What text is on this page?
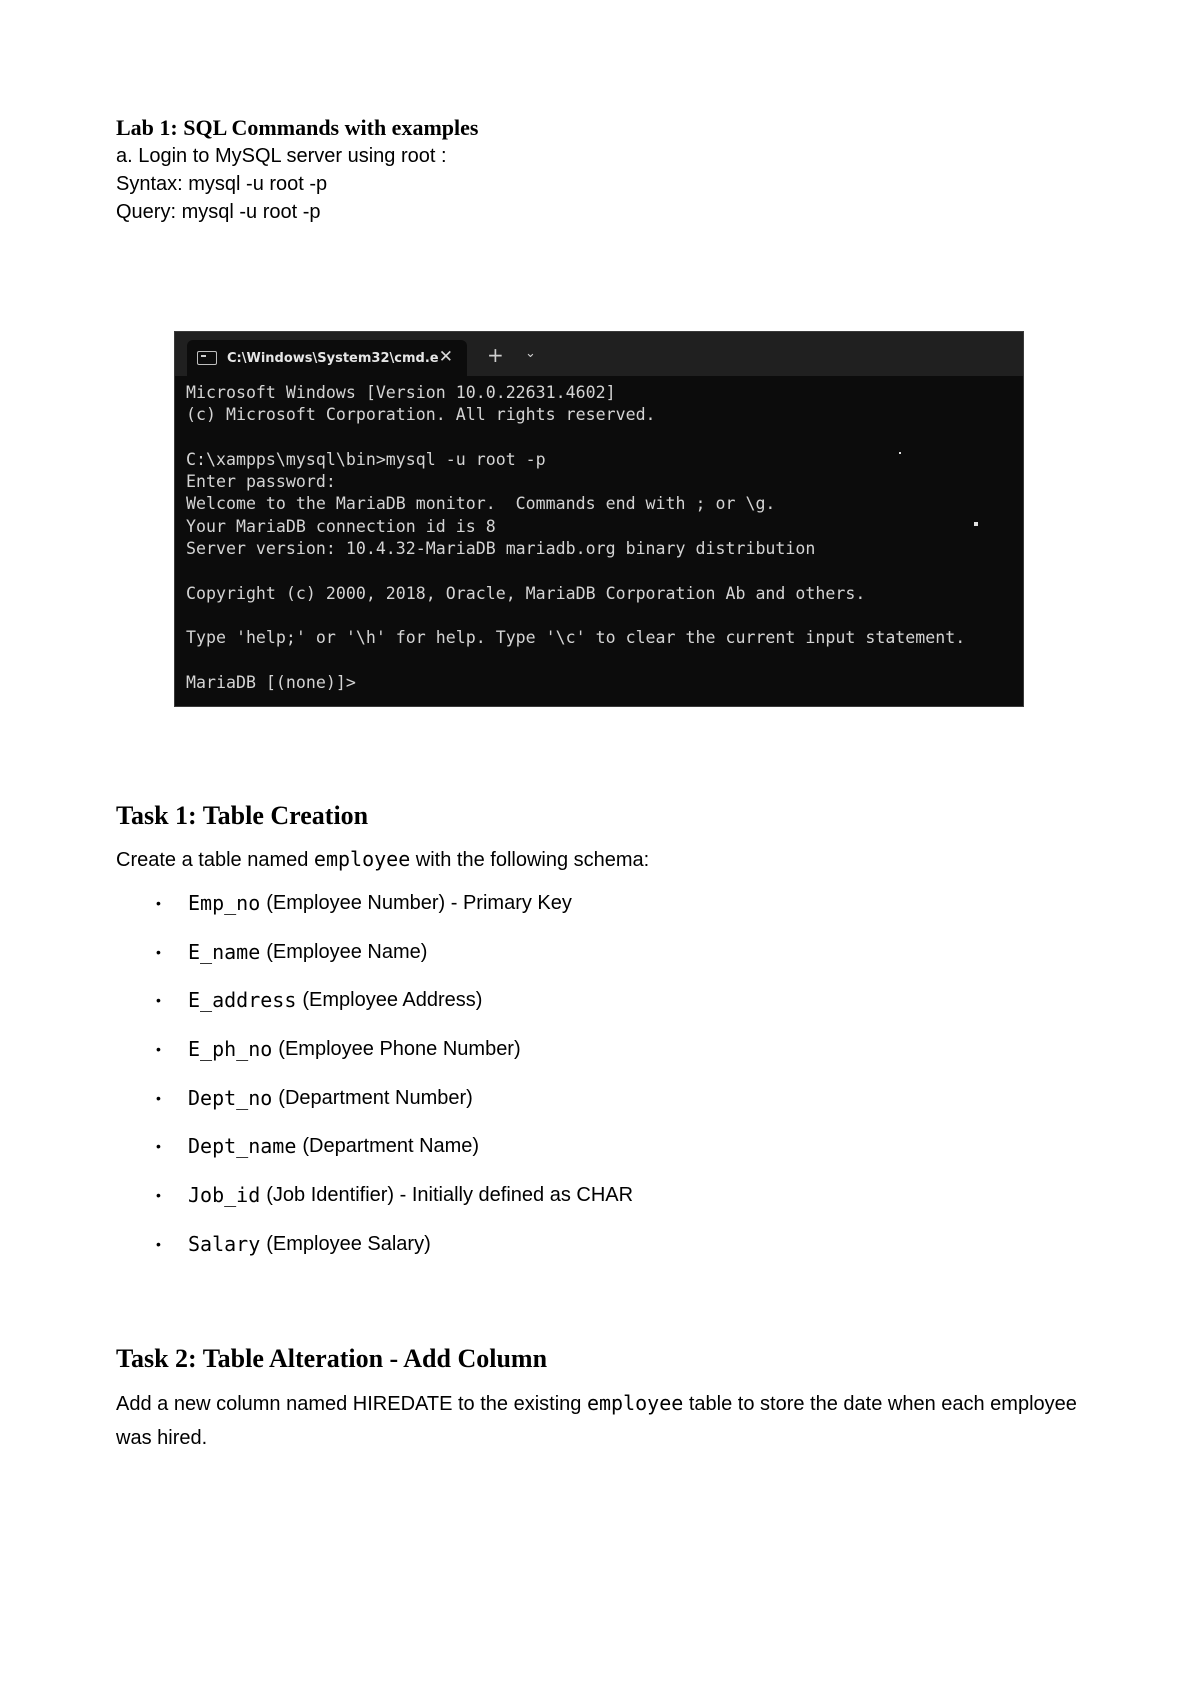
Lab 1: SQL Commands with examples

a. Login to MySQL server using root :

Syntax: mysql -u root -p

Query: mysql -u root -p

C:\Windows\System32\cmd.e ✕ + ⌄

Microsoft Windows [Version 10.0.22631.4602]

(c) Microsoft Corporation. All rights reserved.

C:\xampps\mysql\bin>mysql -u root -p

Enter password:

Welcome to the MariaDB monitor.  Commands end with ; or \g.

Your MariaDB connection id is 8

Server version: 10.4.32-MariaDB mariadb.org binary distribution

Copyright (c) 2000, 2018, Oracle, MariaDB Corporation Ab and others.

Type 'help;' or '\h' for help. Type '\c' to clear the current input statement.

MariaDB [(none)]>

Task 1: Table Creation

Create a table named employee with the following schema:

•	Emp_no (Employee Number) - Primary Key
•	E_name (Employee Name)
•	E_address (Employee Address)
•	E_ph_no (Employee Phone Number)
•	Dept_no (Department Number)
•	Dept_name (Department Name)
•	Job_id (Job Identifier) - Initially defined as CHAR
•	Salary (Employee Salary)
Task 2: Table Alteration - Add Column

Add a new column named HIREDATE to the existing employee table to store the date when each employee was hired.
